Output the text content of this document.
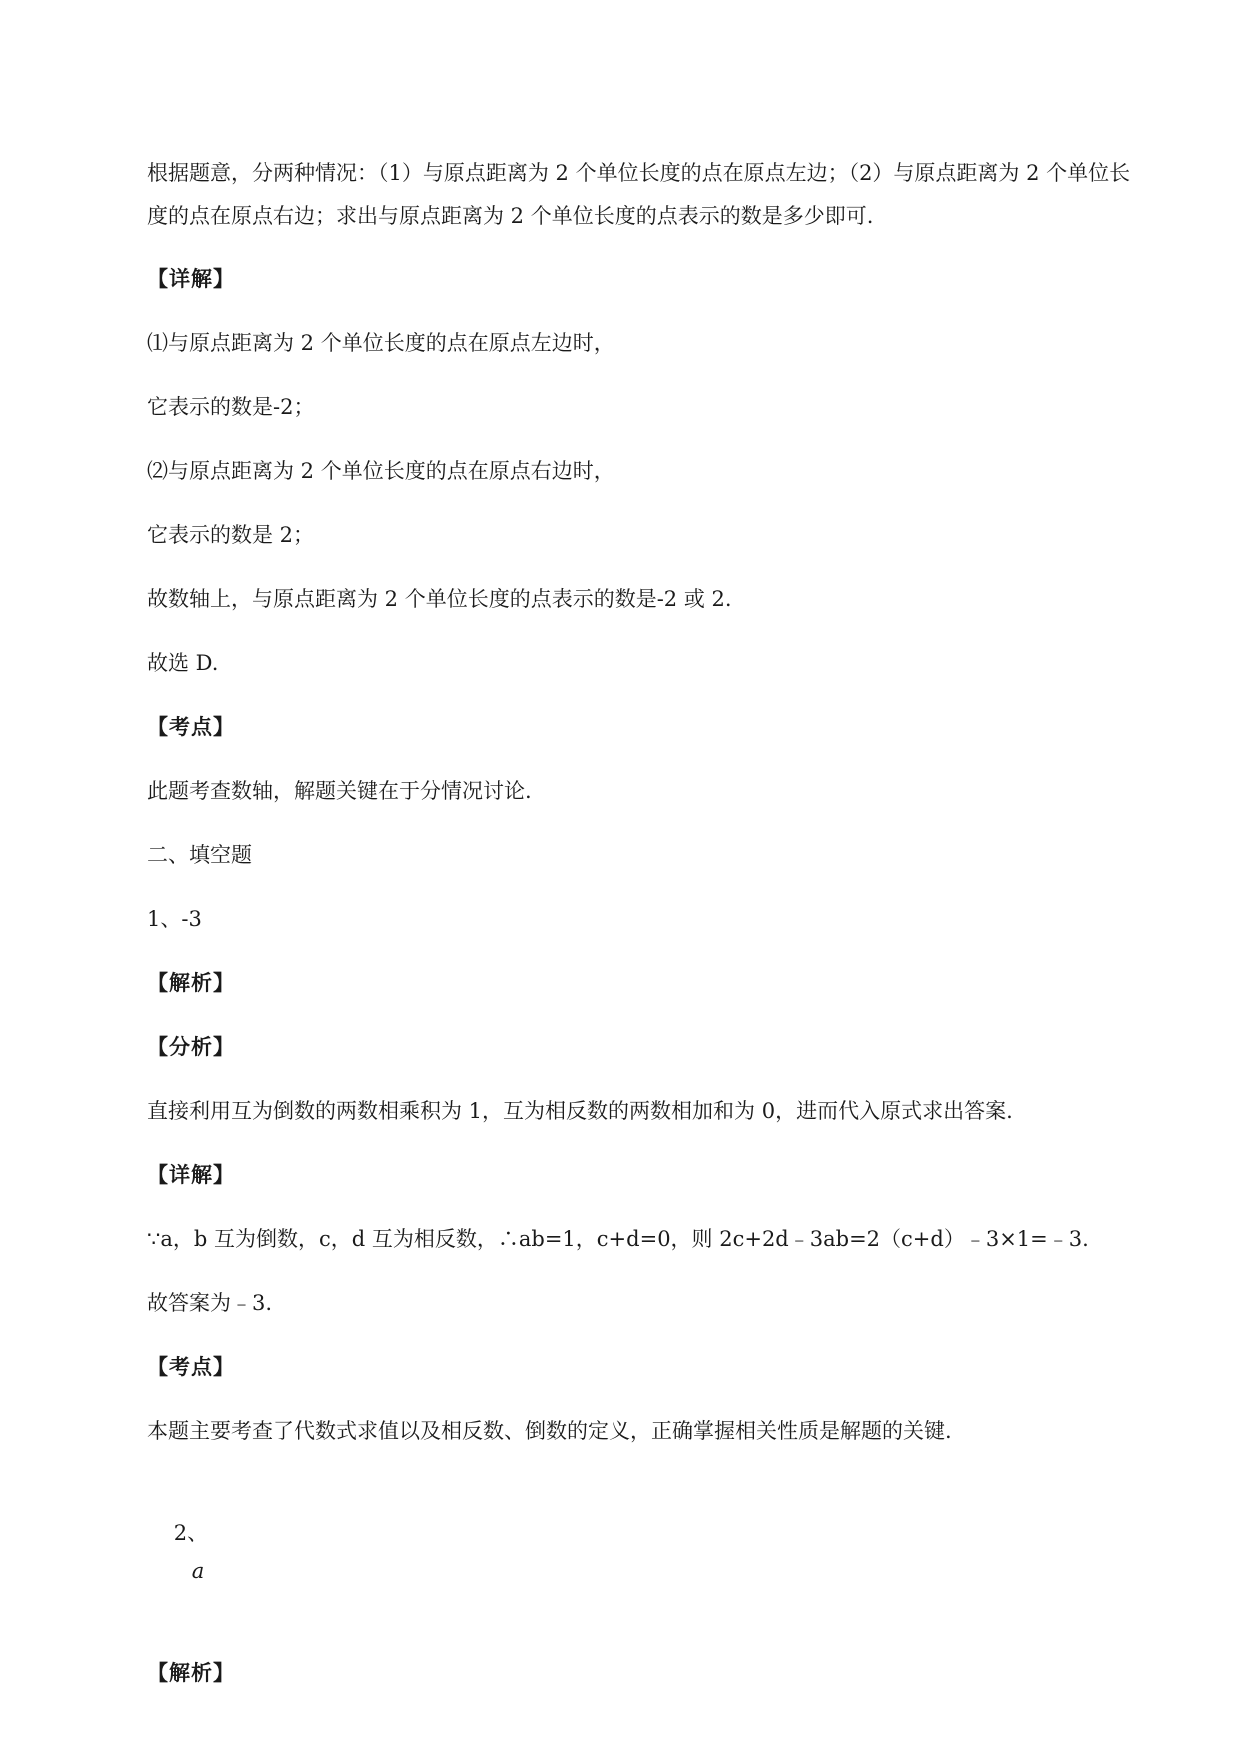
根据题意，分两种情况：（1）与原点距离为 2 个单位长度的点在原点左边；（2）与原点距离为 2 个单位长度的点在原点右边；求出与原点距离为 2 个单位长度的点表示的数是多少即可.

【详解】

⑴与原点距离为 2 个单位长度的点在原点左边时，

它表示的数是-2；

⑵与原点距离为 2 个单位长度的点在原点右边时，

它表示的数是 2；

故数轴上，与原点距离为 2 个单位长度的点表示的数是-2 或 2.

故选 D.

【考点】

此题考查数轴，解题关键在于分情况讨论.

二、填空题

1、-3

【解析】

【分析】

直接利用互为倒数的两数相乘积为 1，互为相反数的两数相加和为 0，进而代入原式求出答案.

【详解】

∵a，b 互为倒数，c，d 互为相反数，∴ab=1，c+d=0，则 2c+2d﹣3ab=2（c+d）﹣3×1=﹣3.

故答案为﹣3.

【考点】

本题主要考查了代数式求值以及相反数、倒数的定义，正确掌握相关性质是解题的关键.

2、
a

【解析】
